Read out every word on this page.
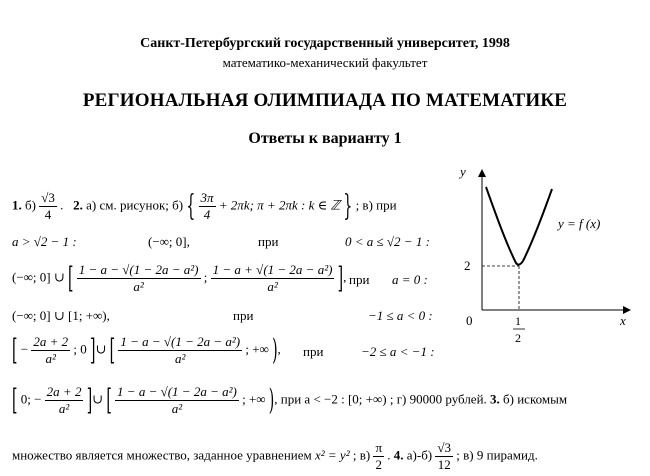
Санкт-Петербургский государственный университет, 1998
математико-механический факультет
РЕГИОНАЛЬНАЯ ОЛИМПИАДА ПО МАТЕМАТИКЕ
Ответы к варианту 1
1. $б) \frac{√3}{4}$ .   2. а) см. рисунок; б) { $\frac{3\pi}{4} + 2\pi k$; π + 2πk : k ∈ ℤ } ; в) при
a > √2 − 1 :	(−∞; 0],	при	0 < a ≤ √2 − 1 :
(−∞; 0] ∪ [ $\frac{\text{1 − a − √(1 − 2a − a²)}}{\text{a²}}$ ; $\frac{\text{1 − a + √(1 − 2a − a²)}}{\text{a²}}$ ], при a = 0 :
(−∞; 0] ∪ [1; +∞),	при	−1 ≤ a < 0 :
[ − $\frac{2a + 2}{\text{a²}}$ ; 0 ]∪ [ $\frac{\text{1 − a − √(1 − 2a − a²)}}{\text{a²}}$ ; +∞ ), при	−2 ≤ a < −1 :
[ 0; − $\frac{2a + 2}{\text{a²}}$ ]∪ [ $\frac{\text{1 − a − √(1 − 2a − a²)}}{\text{a²}}$ ; +∞ ), при a < −2 : [0; +∞) ; г) 90000 рублей. 3. б) искомым
множество является множество, заданное уравнением x² = y² ; $в) \frac{\pi}{2}$ . 4. $а)-б) \frac{√3}{12}$ ; в) 9 пирамид.
y
x
0
2
1
2
y = f (x)
